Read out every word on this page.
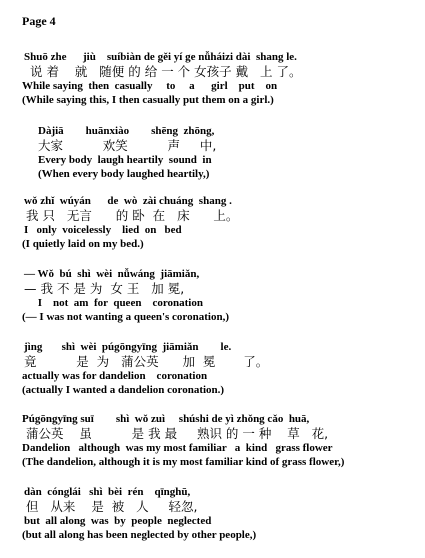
Page 4
Shuō zhe      jiù    suíbiàn de gěi yí ge nǚháizi dài  shang le.
说 着    就   随便 的 给 一 个 女孩子 戴   上 了。
While saying  then  casually     to     a      girl    put    on
(While saying this, I then casually put them on a girl.)
Dàjiā        huānxiào        shēng  zhōng,
大家          欢笑          声     中,
Every body  laugh heartily  sound  in
(When every body laughed heartily,)
wǒ zhǐ  wúyán      de  wò  zài chuáng  shang .
我 只   无言      的 卧  在   床      上。
I   only  voicelessly    lied  on   bed
(I quietly laid on my bed.)
— Wǒ  bú  shì  wèi  nǚwáng  jiāmiǎn,
— 我 不 是 为  女 王   加 冕,
I    not  am  for  queen    coronation
(— I was not wanting a queen's coronation,)
jìng       shì  wèi  púgōngyīng  jiāmiǎn        le.
竟          是  为   蒲公英      加  冕       了。
actually was for dandelion    coronation
(actually I wanted a dandelion coronation.)
Púgōngyīng suī        shì  wǒ zuì     shúshi de yì zhǒng cǎo  huā,
蒲公英    虽          是 我 最     熟识 的 一 种    草   花,
Dandelion   although  was my most familiar   a  kind   grass flower
(The dandelion, although it is my most familiar kind of grass flower,)
dàn  cónglái   shì  bèi  rén    qīnghū,
但   从来    是  被   人     轻忽,
but  all along  was  by  people  neglected
(but all along has been neglected by other people,)
